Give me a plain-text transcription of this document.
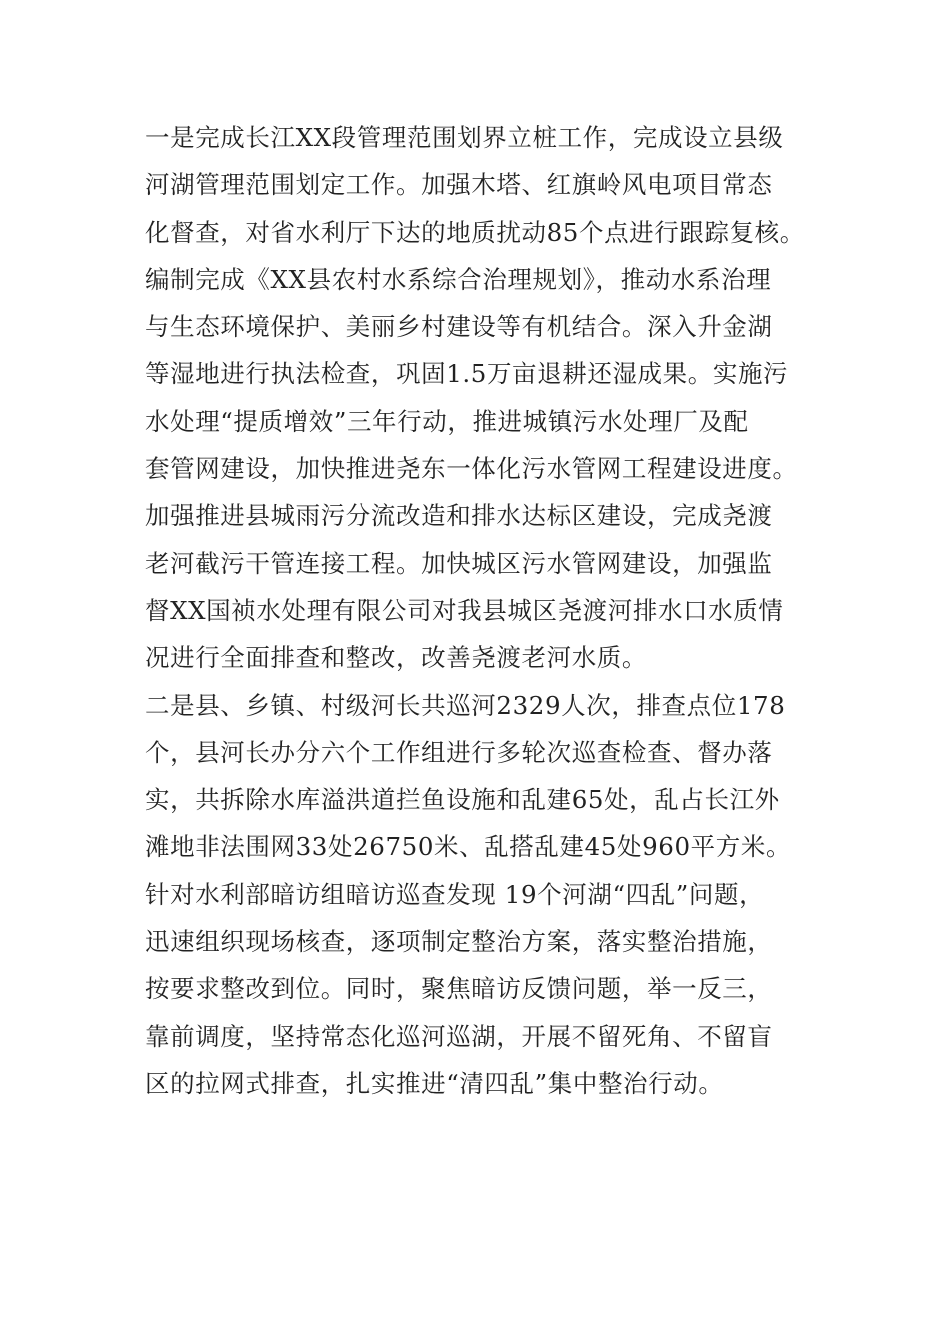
一是完成长江XX段管理范围划界立桩工作，完成设立县级
河湖管理范围划定工作。加强木塔、红旗岭风电项目常态
化督查，对省水利厅下达的地质扰动85个点进行跟踪复核。
编制完成《XX县农村水系综合治理规划》，推动水系治理
与生态环境保护、美丽乡村建设等有机结合。深入升金湖
等湿地进行执法检查，巩固1.5万亩退耕还湿成果。实施污
水处理“提质增效”三年行动，推进城镇污水处理厂及配
套管网建设，加快推进尧东一体化污水管网工程建设进度。
加强推进县城雨污分流改造和排水达标区建设，完成尧渡
老河截污干管连接工程。加快城区污水管网建设，加强监
督XX国祯水处理有限公司对我县城区尧渡河排水口水质情
况进行全面排查和整改，改善尧渡老河水质。
二是县、乡镇、村级河长共巡河2329人次，排查点位178
个，县河长办分六个工作组进行多轮次巡查检查、督办落
实，共拆除水库溢洪道拦鱼设施和乱建65处，乱占长江外
滩地非法围网33处26750米、乱搭乱建45处960平方米。
针对水利部暗访组暗访巡查发现 19个河湖“四乱”问题，
迅速组织现场核查，逐项制定整治方案，落实整治措施，
按要求整改到位。同时，聚焦暗访反馈问题，举一反三，
靠前调度，坚持常态化巡河巡湖，开展不留死角、不留盲
区的拉网式排查，扎实推进“清四乱”集中整治行动。
